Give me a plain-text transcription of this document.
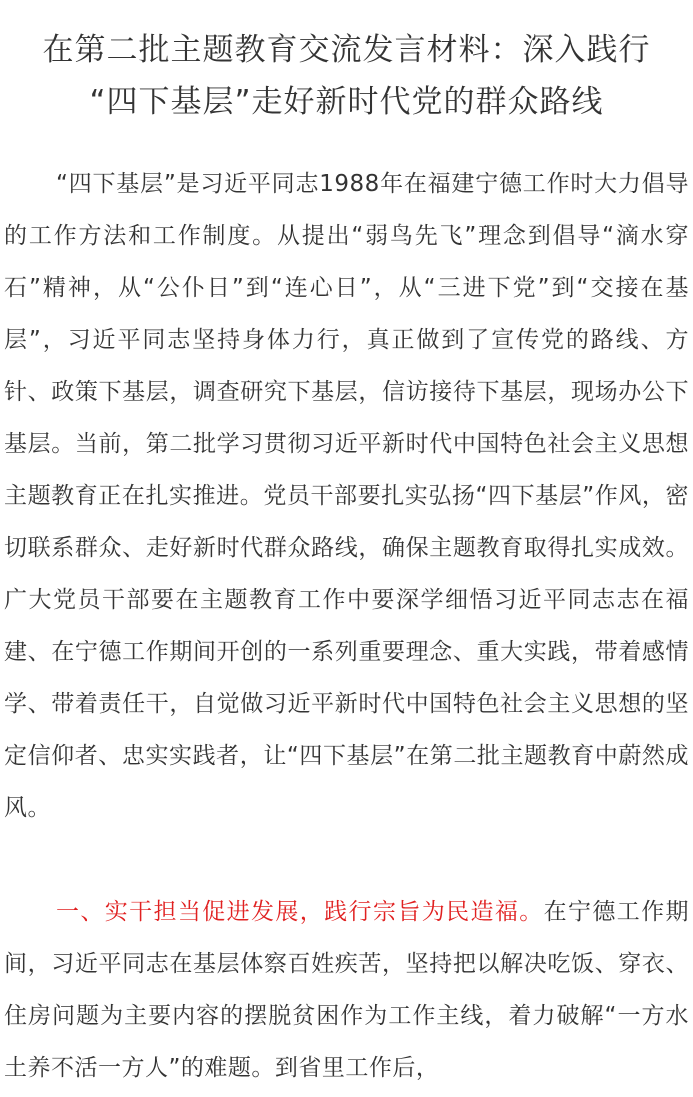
在第二批主题教育交流发言材料：深入践行
“四下基层”走好新时代党的群众路线

“四下基层”是习近平同志1988年在福建宁德工作时大力倡导的工作方法和工作制度。从提出“弱鸟先飞”理念到倡导“滴水穿石”精神，从“公仆日”到“连心日”，从“三进下党”到“交接在基层”，习近平同志坚持身体力行，真正做到了宣传党的路线、方针、政策下基层，调查研究下基层，信访接待下基层，现场办公下基层。当前，第二批学习贯彻习近平新时代中国特色社会主义思想主题教育正在扎实推进。党员干部要扎实弘扬“四下基层”作风，密切联系群众、走好新时代群众路线，确保主题教育取得扎实成效。广大党员干部要在主题教育工作中要深学细悟习近平同志志在福建、在宁德工作期间开创的一系列重要理念、重大实践，带着感情学、带着责任干，自觉做习近平新时代中国特色社会主义思想的坚定信仰者、忠实实践者，让“四下基层”在第二批主题教育中蔚然成风。

一、实干担当促进发展，践行宗旨为民造福。在宁德工作期间，习近平同志在基层体察百姓疾苦，坚持把以解决吃饭、穿衣、住房问题为主要内容的摆脱贫困作为工作主线，着力破解“一方水土养不活一方人”的难题。到省里工作后，
